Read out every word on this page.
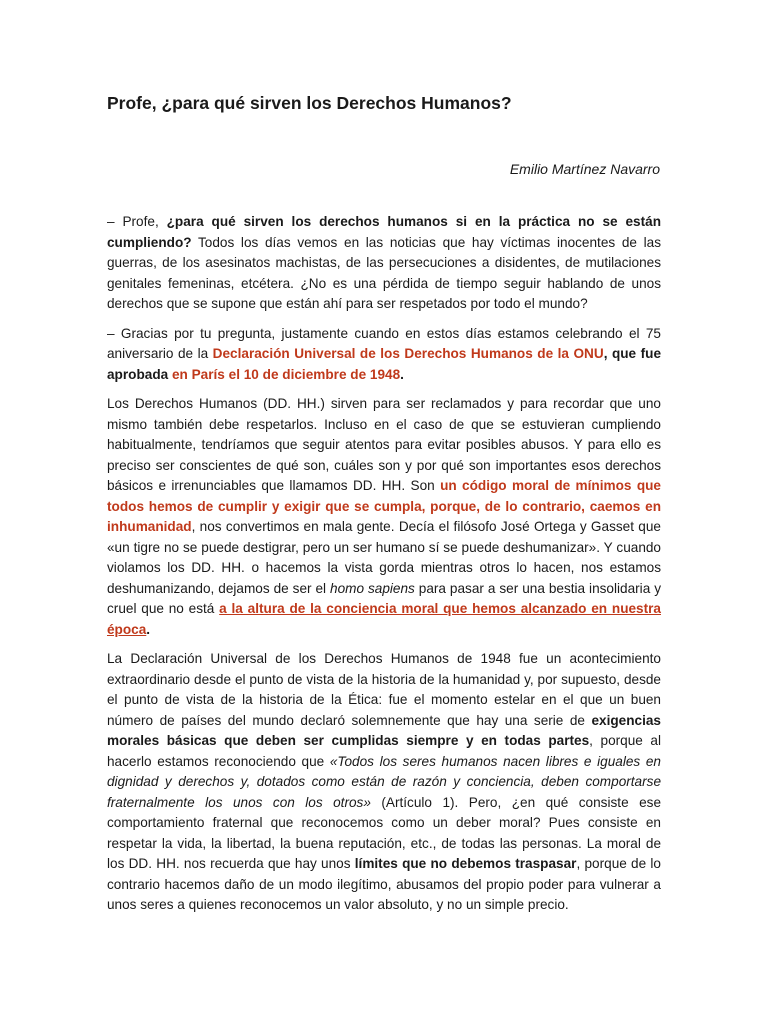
Profe, ¿para qué sirven los Derechos Humanos?

Emilio Martínez Navarro

– Profe, ¿para qué sirven los derechos humanos si en la práctica no se están cumpliendo? Todos los días vemos en las noticias que hay víctimas inocentes de las guerras, de los asesinatos machistas, de las persecuciones a disidentes, de mutilaciones genitales femeninas, etcétera. ¿No es una pérdida de tiempo seguir hablando de unos derechos que se supone que están ahí para ser respetados por todo el mundo?

– Gracias por tu pregunta, justamente cuando en estos días estamos celebrando el 75 aniversario de la Declaración Universal de los Derechos Humanos de la ONU, que fue aprobada en París el 10 de diciembre de 1948.

Los Derechos Humanos (DD. HH.) sirven para ser reclamados y para recordar que uno mismo también debe respetarlos. Incluso en el caso de que se estuvieran cumpliendo habitualmente, tendríamos que seguir atentos para evitar posibles abusos. Y para ello es preciso ser conscientes de qué son, cuáles son y por qué son importantes esos derechos básicos e irrenunciables que llamamos DD. HH. Son un código moral de mínimos que todos hemos de cumplir y exigir que se cumpla, porque, de lo contrario, caemos en inhumanidad, nos convertimos en mala gente. Decía el filósofo José Ortega y Gasset que «un tigre no se puede destigrar, pero un ser humano sí se puede deshumanizar». Y cuando violamos los DD. HH. o hacemos la vista gorda mientras otros lo hacen, nos estamos deshumanizando, dejamos de ser el homo sapiens para pasar a ser una bestia insolidaria y cruel que no está a la altura de la conciencia moral que hemos alcanzado en nuestra época.

La Declaración Universal de los Derechos Humanos de 1948 fue un acontecimiento extraordinario desde el punto de vista de la historia de la humanidad y, por supuesto, desde el punto de vista de la historia de la Ética: fue el momento estelar en el que un buen número de países del mundo declaró solemnemente que hay una serie de exigencias morales básicas que deben ser cumplidas siempre y en todas partes, porque al hacerlo estamos reconociendo que «Todos los seres humanos nacen libres e iguales en dignidad y derechos y, dotados como están de razón y conciencia, deben comportarse fraternalmente los unos con los otros» (Artículo 1). Pero, ¿en qué consiste ese comportamiento fraternal que reconocemos como un deber moral? Pues consiste en respetar la vida, la libertad, la buena reputación, etc., de todas las personas. La moral de los DD. HH. nos recuerda que hay unos límites que no debemos traspasar, porque de lo contrario hacemos daño de un modo ilegítimo, abusamos del propio poder para vulnerar a unos seres a quienes reconocemos un valor absoluto, y no un simple precio.
